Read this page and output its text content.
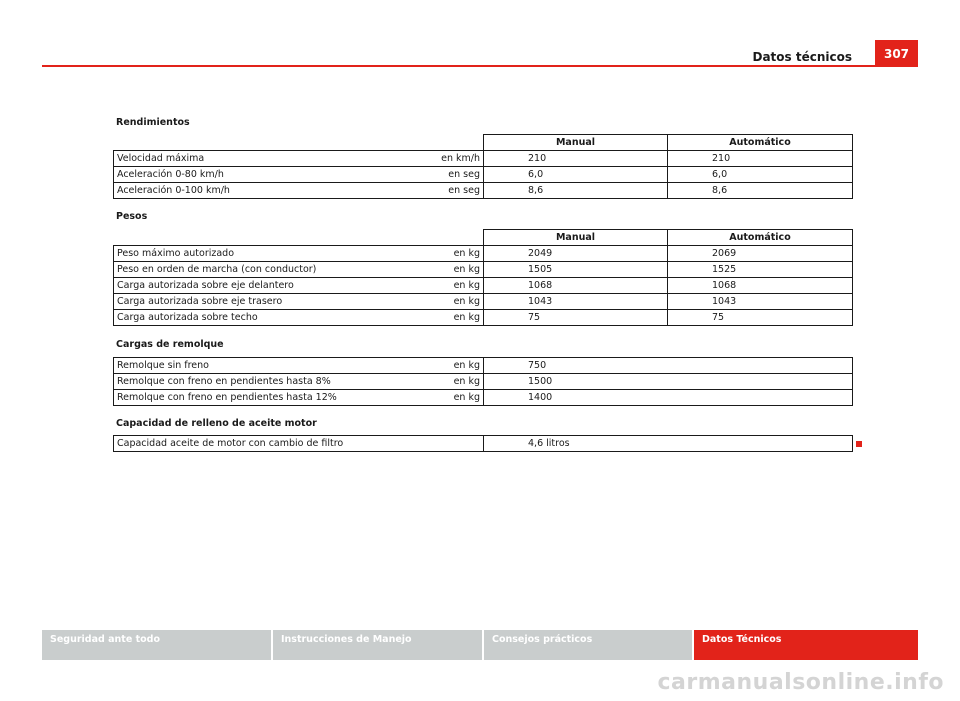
Datos técnicos	307
Rendimientos
		Manual	Automático
Velocidad máxima	en km/h	210	210
Aceleración 0-80 km/h	en seg	6,0	6,0
Aceleración 0-100 km/h	en seg	8,6	8,6
Pesos
		Manual	Automático
Peso máximo autorizado	en kg	2049	2069
Peso en orden de marcha (con conductor)	en kg	1505	1525
Carga autorizada sobre eje delantero	en kg	1068	1068
Carga autorizada sobre eje trasero	en kg	1043	1043
Carga autorizada sobre techo	en kg	75	75
Cargas de remolque
Remolque sin freno	en kg	750
Remolque con freno en pendientes hasta 8%	en kg	1500
Remolque con freno en pendientes hasta 12%	en kg	1400
Capacidad de relleno de aceite motor
Capacidad aceite de motor con cambio de filtro	4,6 litros
Seguridad ante todo	Instrucciones de Manejo	Consejos prácticos	Datos Técnicos
carmanualsonline.info
